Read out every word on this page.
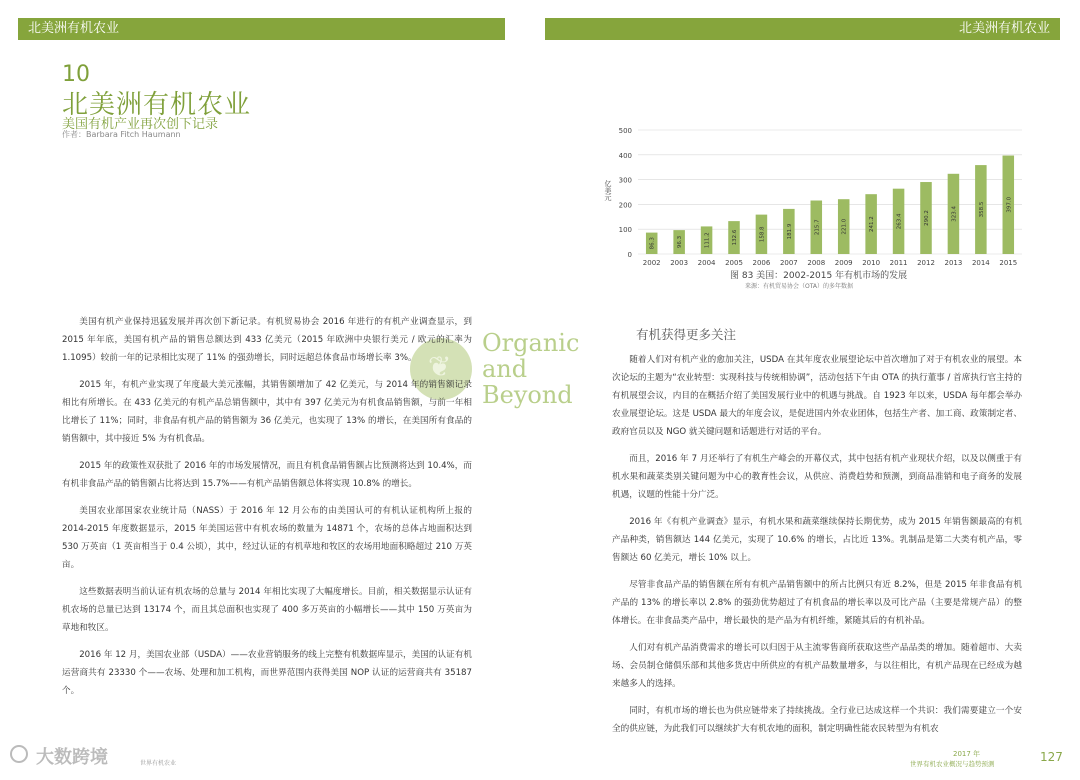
北美洲有机农业	北美洲有机农业
10
北美洲有机农业
美国有机产业再次创下记录
作者：Barbara Fitch Haumann
0
100
200
300
400
500
亿美元
86.3
2002
96.3
2003
111.2
2004
132.6
2005
158.8
2006
181.9
2007
215.7
2008
221.0
2009
241.2
2010
263.4
2011
290.2
2012
323.4
2013
358.5
2014
397.0
2015
图 83 美国：2002-2015 年有机市场的发展
来源：有机贸易协会（OTA）的多年数据
❦
Organic
and
Beyond

美国有机产业保持迅猛发展并再次创下新记录。有机贸易协会 2016 年进行的有机产业调查显示，到 2015 年年底，美国有机产品的销售总额达到 433 亿美元（2015 年欧洲中央银行美元 / 欧元的汇率为 1.1095）较前一年的记录相比实现了 11% 的强劲增长，同时远超总体食品市场增长率 3%。

2015 年，有机产业实现了年度最大美元涨幅，其销售额增加了 42 亿美元，与 2014 年的销售额记录相比有所增长。在 433 亿美元的有机产品总销售额中，其中有 397 亿美元为有机食品销售额，与前一年相比增长了 11%；同时，非食品有机产品的销售额为 36 亿美元，也实现了 13% 的增长，在美国所有食品的销售额中，其中接近 5% 为有机食品。

2015 年的政策性双获批了 2016 年的市场发展情况，而且有机食品销售额占比预测将达到 10.4%，而有机非食品产品的销售额占比将达到 15.7%——有机产品销售额总体将实现 10.8% 的增长。

美国农业部国家农业统计局（NASS）于 2016 年 12 月公布的由美国认可的有机认证机构所上报的 2014-2015 年度数据显示，2015 年美国运营中有机农场的数量为 14871 个，农场的总体占地面积达到 530 万英亩（1 英亩相当于 0.4 公顷），其中，经过认证的有机草地和牧区的农场用地面积略超过 210 万英亩。

这些数据表明当前认证有机农场的总量与 2014 年相比实现了大幅度增长。目前，相关数据显示认证有机农场的总量已达到 13174 个，而且其总面积也实现了 400 多万英亩的小幅增长——其中 150 万英亩为草地和牧区。

2016 年 12 月，美国农业部（USDA）——农业营销服务的线上完整有机数据库显示，美国的认证有机运营商共有 23330 个——农场、处理和加工机构，而世界范围内获得美国 NOP 认证的运营商共有 35187 个。

有机获得更多关注

随着人们对有机产业的愈加关注，USDA 在其年度农业展望论坛中首次增加了对于有机农业的展望。本次论坛的主题为“农业转型：实现科技与传统相协调”，活动包括下午由 OTA 的执行董事 / 首席执行官主持的有机展望会议，内目的在概括介绍了美国发展行业中的机遇与挑战。自 1923 年以来，USDA 每年都会举办农业展望论坛。这是 USDA 最大的年度会议，是促进国内外农业团体，包括生产者、加工商、政策制定者、政府官员以及 NGO 就关键问题和话题进行对话的平台。

而且，2016 年 7 月还举行了有机生产峰会的开幕仪式，其中包括有机产业现状介绍，以及以侧重于有机水果和蔬菜类别关键问题为中心的教育性会议，从供应、消费趋势和预测，到商品准销和电子商务的发展机遇，议题的性能十分广泛。

2016 年《有机产业调查》显示，有机水果和蔬菜继续保持长期优势，成为 2015 年销售额最高的有机产品种类，销售额达 144 亿美元，实现了 10.6% 的增长，占比近 13%。乳制品是第二大类有机产品，零售额达 60 亿美元，增长 10% 以上。

尽管非食品产品的销售额在所有有机产品销售额中的所占比例只有近 8.2%，但是 2015 年非食品有机产品的 13% 的增长率以 2.8% 的强劲优势超过了有机食品的增长率以及可比产品（主要是常规产品）的整体增长。在非食品类产品中，增长最快的是产品为有机纤维，紧随其后的有机补品。

人们对有机产品消费需求的增长可以归因于从主流零售商所获取这些产品品类的增加。随着超市、大卖场、会员制仓储俱乐部和其他多货店中所供应的有机产品数量增多，与以往相比，有机产品现在已经成为越来越多人的选择。

同时，有机市场的增长也为供应链带来了持续挑战。全行业已达成这样一个共识：我们需要建立一个安全的供应链，为此我们可以继续扩大有机农地的面积，制定明确性能农民转型为有机农

大数跨境	世界有机农业
2017 年
世界有机农业概况与趋势预测	127
